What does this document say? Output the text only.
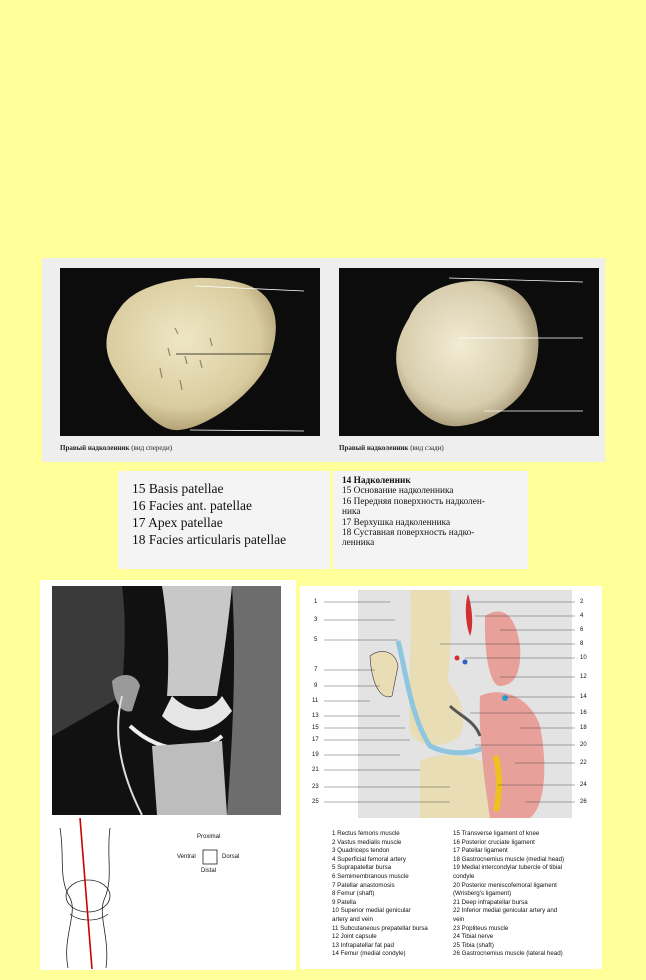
15
16
17
Правый надколенник (вид спереди)
15
18
17
Правый надколенник (вид сзади)
15 Basis patellae
16 Facies ant. patellae
17 Apex patellae
18 Facies articularis patellae
14 Надколенник
15 Основание надколенника
16 Передняя поверхность надколен-
ника
17 Верхушка надколенника
18 Суставная поверхность надко-
ленника
Proximal
Ventral	Dorsal
Distal
1
3
5
7
9
11
13
15
17
19
21
23
25
2
4
6
8
10
12
14
16
18
20
22
24
26
1 Rectus femoris muscle
2 Vastus medialis muscle
3 Quadriceps tendon
4 Superficial femoral artery
5 Suprapatellar bursa
6 Semimembranous muscle
7 Patellar anastomosis
8 Femur (shaft)
9 Patella
10 Superior medial genicular
artery and vein
11 Subcutaneous prepatellar bursa
12 Joint capsule
13 Infrapatellar fat pad
14 Femur (medial condyle)
15 Transverse ligament of knee
16 Posterior cruciate ligament
17 Patellar ligament
18 Gastrocnemius muscle (medial head)
19 Medial intercondylar tubercle of tibial
condyle
20 Posterior meniscofemoral ligament
(Wrisberg's ligament)
21 Deep infrapatellar bursa
22 Inferior medial genicular artery and
vein
23 Popliteus muscle
24 Tibial nerve
25 Tibia (shaft)
26 Gastrocnemius muscle (lateral head)
